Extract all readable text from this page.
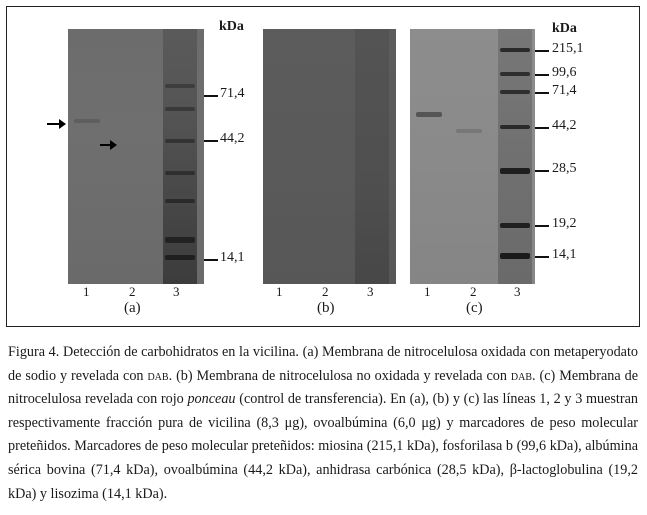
kDa
71,4
44,2
14,1
1	2	3
(a)
1	2	3
(b)
kDa
215,1
99,6
71,4
44,2
28,5
19,2
14,1
1	2	3
(c)
Figura 4. Detección de carbohidratos en la vicilina. (a) Membrana de nitrocelulosa oxidada con metaperyodato de sodio y revelada con dab. (b) Membrana de nitrocelulosa no oxidada y revelada con dab. (c) Membrana de nitrocelulosa revelada con rojo ponceau (control de transferencia). En (a), (b) y (c) las líneas 1, 2 y 3 muestran respectivamente fracción pura de vicilina (8,3 μg), ovoalbúmina (6,0 μg) y marcadores de peso molecular preteñidos. Marcadores de peso molecular preteñidos: miosina (215,1 kDa), fosforilasa b (99,6 kDa), albúmina sérica bovina (71,4 kDa), ovoalbúmina (44,2 kDa), anhidrasa carbónica (28,5 kDa), β-lactoglobulina (19,2 kDa) y lisozima (14,1 kDa).
